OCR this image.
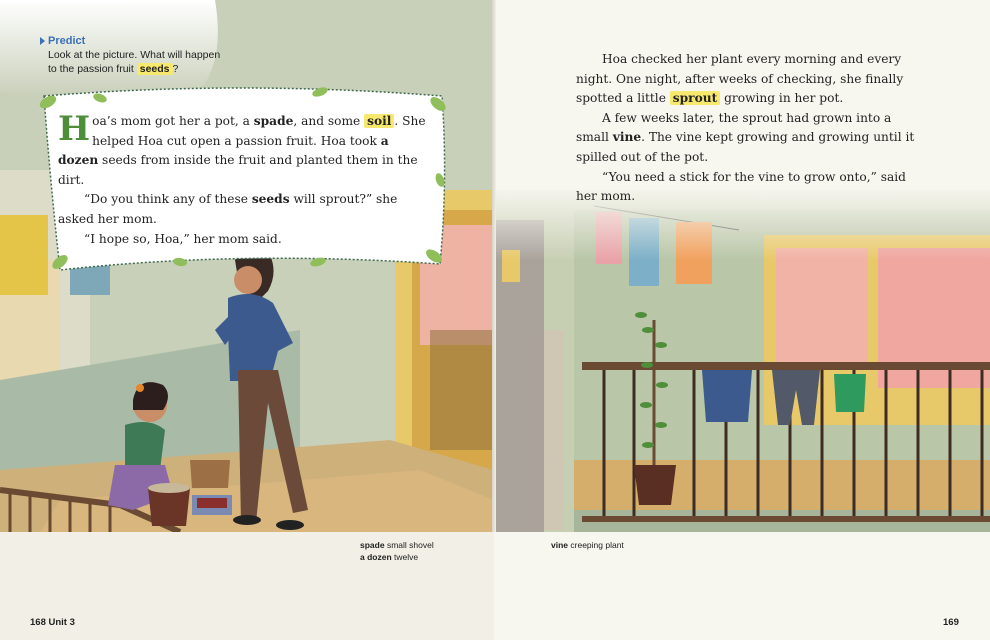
Predict
Look at the picture. What will happen to the passion fruit seeds ?
H oa’s mom got her a pot, a spade, and some soil . She helped Hoa cut open a passion fruit. Hoa took a dozen seeds from inside the fruit and planted them in the dirt.
“Do you think any of these seeds will sprout?” she asked her mom.
“I hope so, Hoa,” her mom said.
spade small shovel
a dozen twelve
168 Unit 3
Hoa checked her plant every morning and every night. One night, after weeks of checking, she finally spotted a little sprout growing in her pot.
A few weeks later, the sprout had grown into a small vine. The vine kept growing and growing until it spilled out of the pot.
“You need a stick for the vine to grow onto,” said her mom.
vine creeping plant
169
